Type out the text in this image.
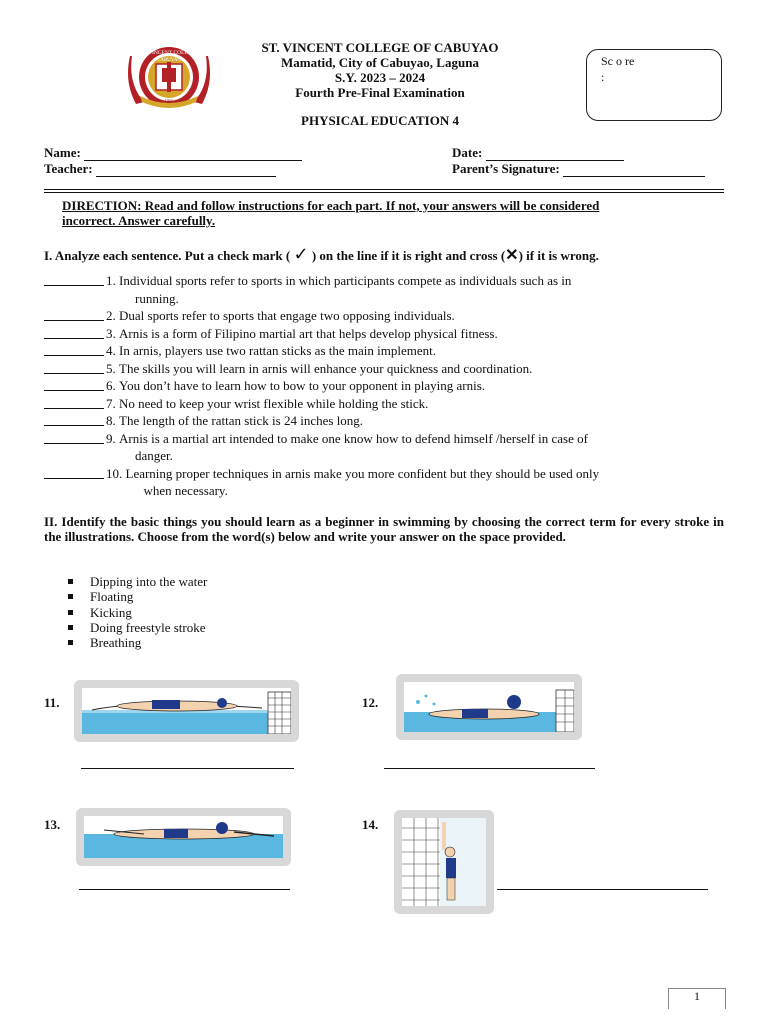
ST. VINCENT COLLEGE
CABUYAO
1966
ST. VINCENT COLLEGE OF CABUYAO
Mamatid, City of Cabuyao, Laguna
S.Y. 2023 – 2024
Fourth Pre-Final Examination
PHYSICAL EDUCATION 4
Sc o re
:
Name:
Teacher:
Date:
Parent’s Signature:
DIRECTION: Read and follow instructions for each part. If not, your answers will be considered
incorrect. Answer carefully.
I. Analyze each sentence. Put a check mark ( ✓ ) on the line if it is right and cross (✕) if it is wrong.
1.
Individual sports refer to sports in which participants compete as individuals such as in
running.
2.
Dual sports refer to sports that engage two opposing individuals.
3.
Arnis is a form of Filipino martial art that helps develop physical fitness.
4.
In arnis, players use two rattan sticks as the main implement.
5.
The skills you will learn in arnis will enhance your quickness and coordination.
6.
You don’t have to learn how to bow to your opponent in playing arnis.
7.
No need to keep your wrist flexible while holding the stick.
8.
The length of the rattan stick is 24 inches long.
9.
Arnis is a martial art intended to make one know how to defend himself /herself in case of
danger.
10.
Learning proper techniques in arnis make you more confident but they should be used only
when necessary.
II. Identify the basic things you should learn as a beginner in swimming by choosing the correct term for every stroke in the illustrations. Choose from the word(s) below and write your answer on the space provided.
Dipping into the water
Floating
Kicking
Doing freestyle stroke
Breathing
11.	12.
13.	14.
1
